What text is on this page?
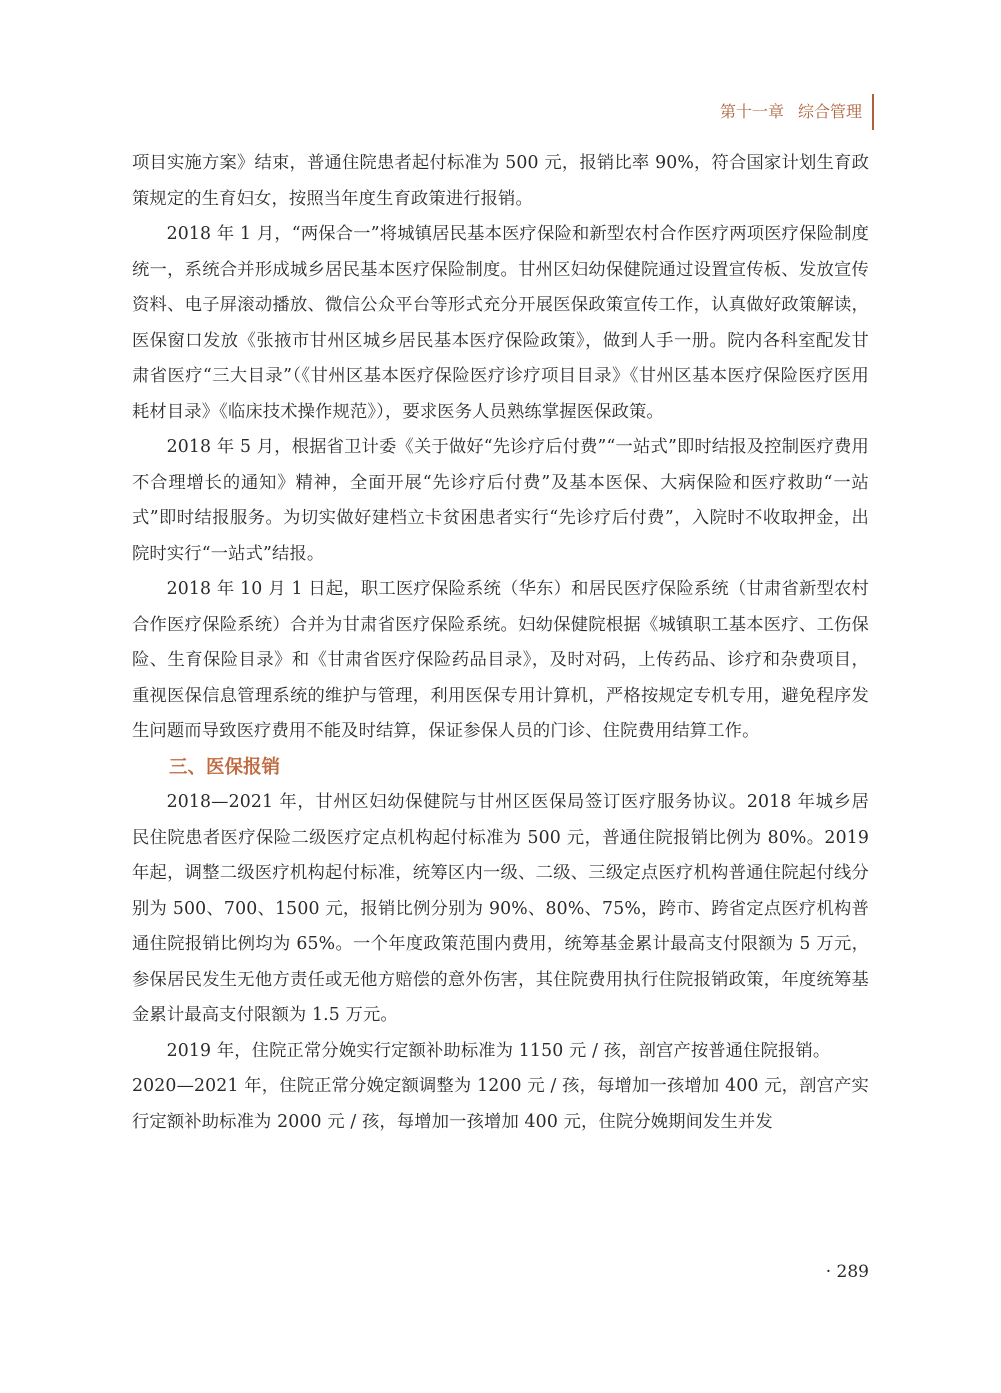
第十一章 综合管理

项目实施方案》结束，普通住院患者起付标准为 500 元，报销比率 90%，符合国家计划生育政策规定的生育妇女，按照当年度生育政策进行报销。

2018 年 1 月，“两保合一”将城镇居民基本医疗保险和新型农村合作医疗两项医疗保险制度统一，系统合并形成城乡居民基本医疗保险制度。甘州区妇幼保健院通过设置宣传板、发放宣传资料、电子屏滚动播放、微信公众平台等形式充分开展医保政策宣传工作，认真做好政策解读，医保窗口发放《张掖市甘州区城乡居民基本医疗保险政策》，做到人手一册。院内各科室配发甘肃省医疗“三大目录”（《甘州区基本医疗保险医疗诊疗项目目录》《甘州区基本医疗保险医疗医用耗材目录》《临床技术操作规范》），要求医务人员熟练掌握医保政策。

2018 年 5 月，根据省卫计委《关于做好“先诊疗后付费”“一站式”即时结报及控制医疗费用不合理增长的通知》精神，全面开展“先诊疗后付费”及基本医保、大病保险和医疗救助“一站式”即时结报服务。为切实做好建档立卡贫困患者实行“先诊疗后付费”，入院时不收取押金，出院时实行“一站式”结报。

2018 年 10 月 1 日起，职工医疗保险系统（华东）和居民医疗保险系统（甘肃省新型农村合作医疗保险系统）合并为甘肃省医疗保险系统。妇幼保健院根据《城镇职工基本医疗、工伤保险、生育保险目录》和《甘肃省医疗保险药品目录》，及时对码，上传药品、诊疗和杂费项目，重视医保信息管理系统的维护与管理，利用医保专用计算机，严格按规定专机专用，避免程序发生问题而导致医疗费用不能及时结算，保证参保人员的门诊、住院费用结算工作。

三、医保报销

2018—2021 年，甘州区妇幼保健院与甘州区医保局签订医疗服务协议。2018 年城乡居民住院患者医疗保险二级医疗定点机构起付标准为 500 元，普通住院报销比例为 80%。2019 年起，调整二级医疗机构起付标准，统筹区内一级、二级、三级定点医疗机构普通住院起付线分别为 500、700、1500 元，报销比例分别为 90%、80%、75%，跨市、跨省定点医疗机构普通住院报销比例均为 65%。一个年度政策范围内费用，统筹基金累计最高支付限额为 5 万元，参保居民发生无他方责任或无他方赔偿的意外伤害，其住院费用执行住院报销政策，年度统筹基金累计最高支付限额为 1.5 万元。

2019 年，住院正常分娩实行定额补助标准为 1150 元 / 孩，剖宫产按普通住院报销。

2020—2021 年，住院正常分娩定额调整为 1200 元 / 孩，每增加一孩增加 400 元，剖宫产实行定额补助标准为 2000 元 / 孩，每增加一孩增加 400 元，住院分娩期间发生并发

· 289
